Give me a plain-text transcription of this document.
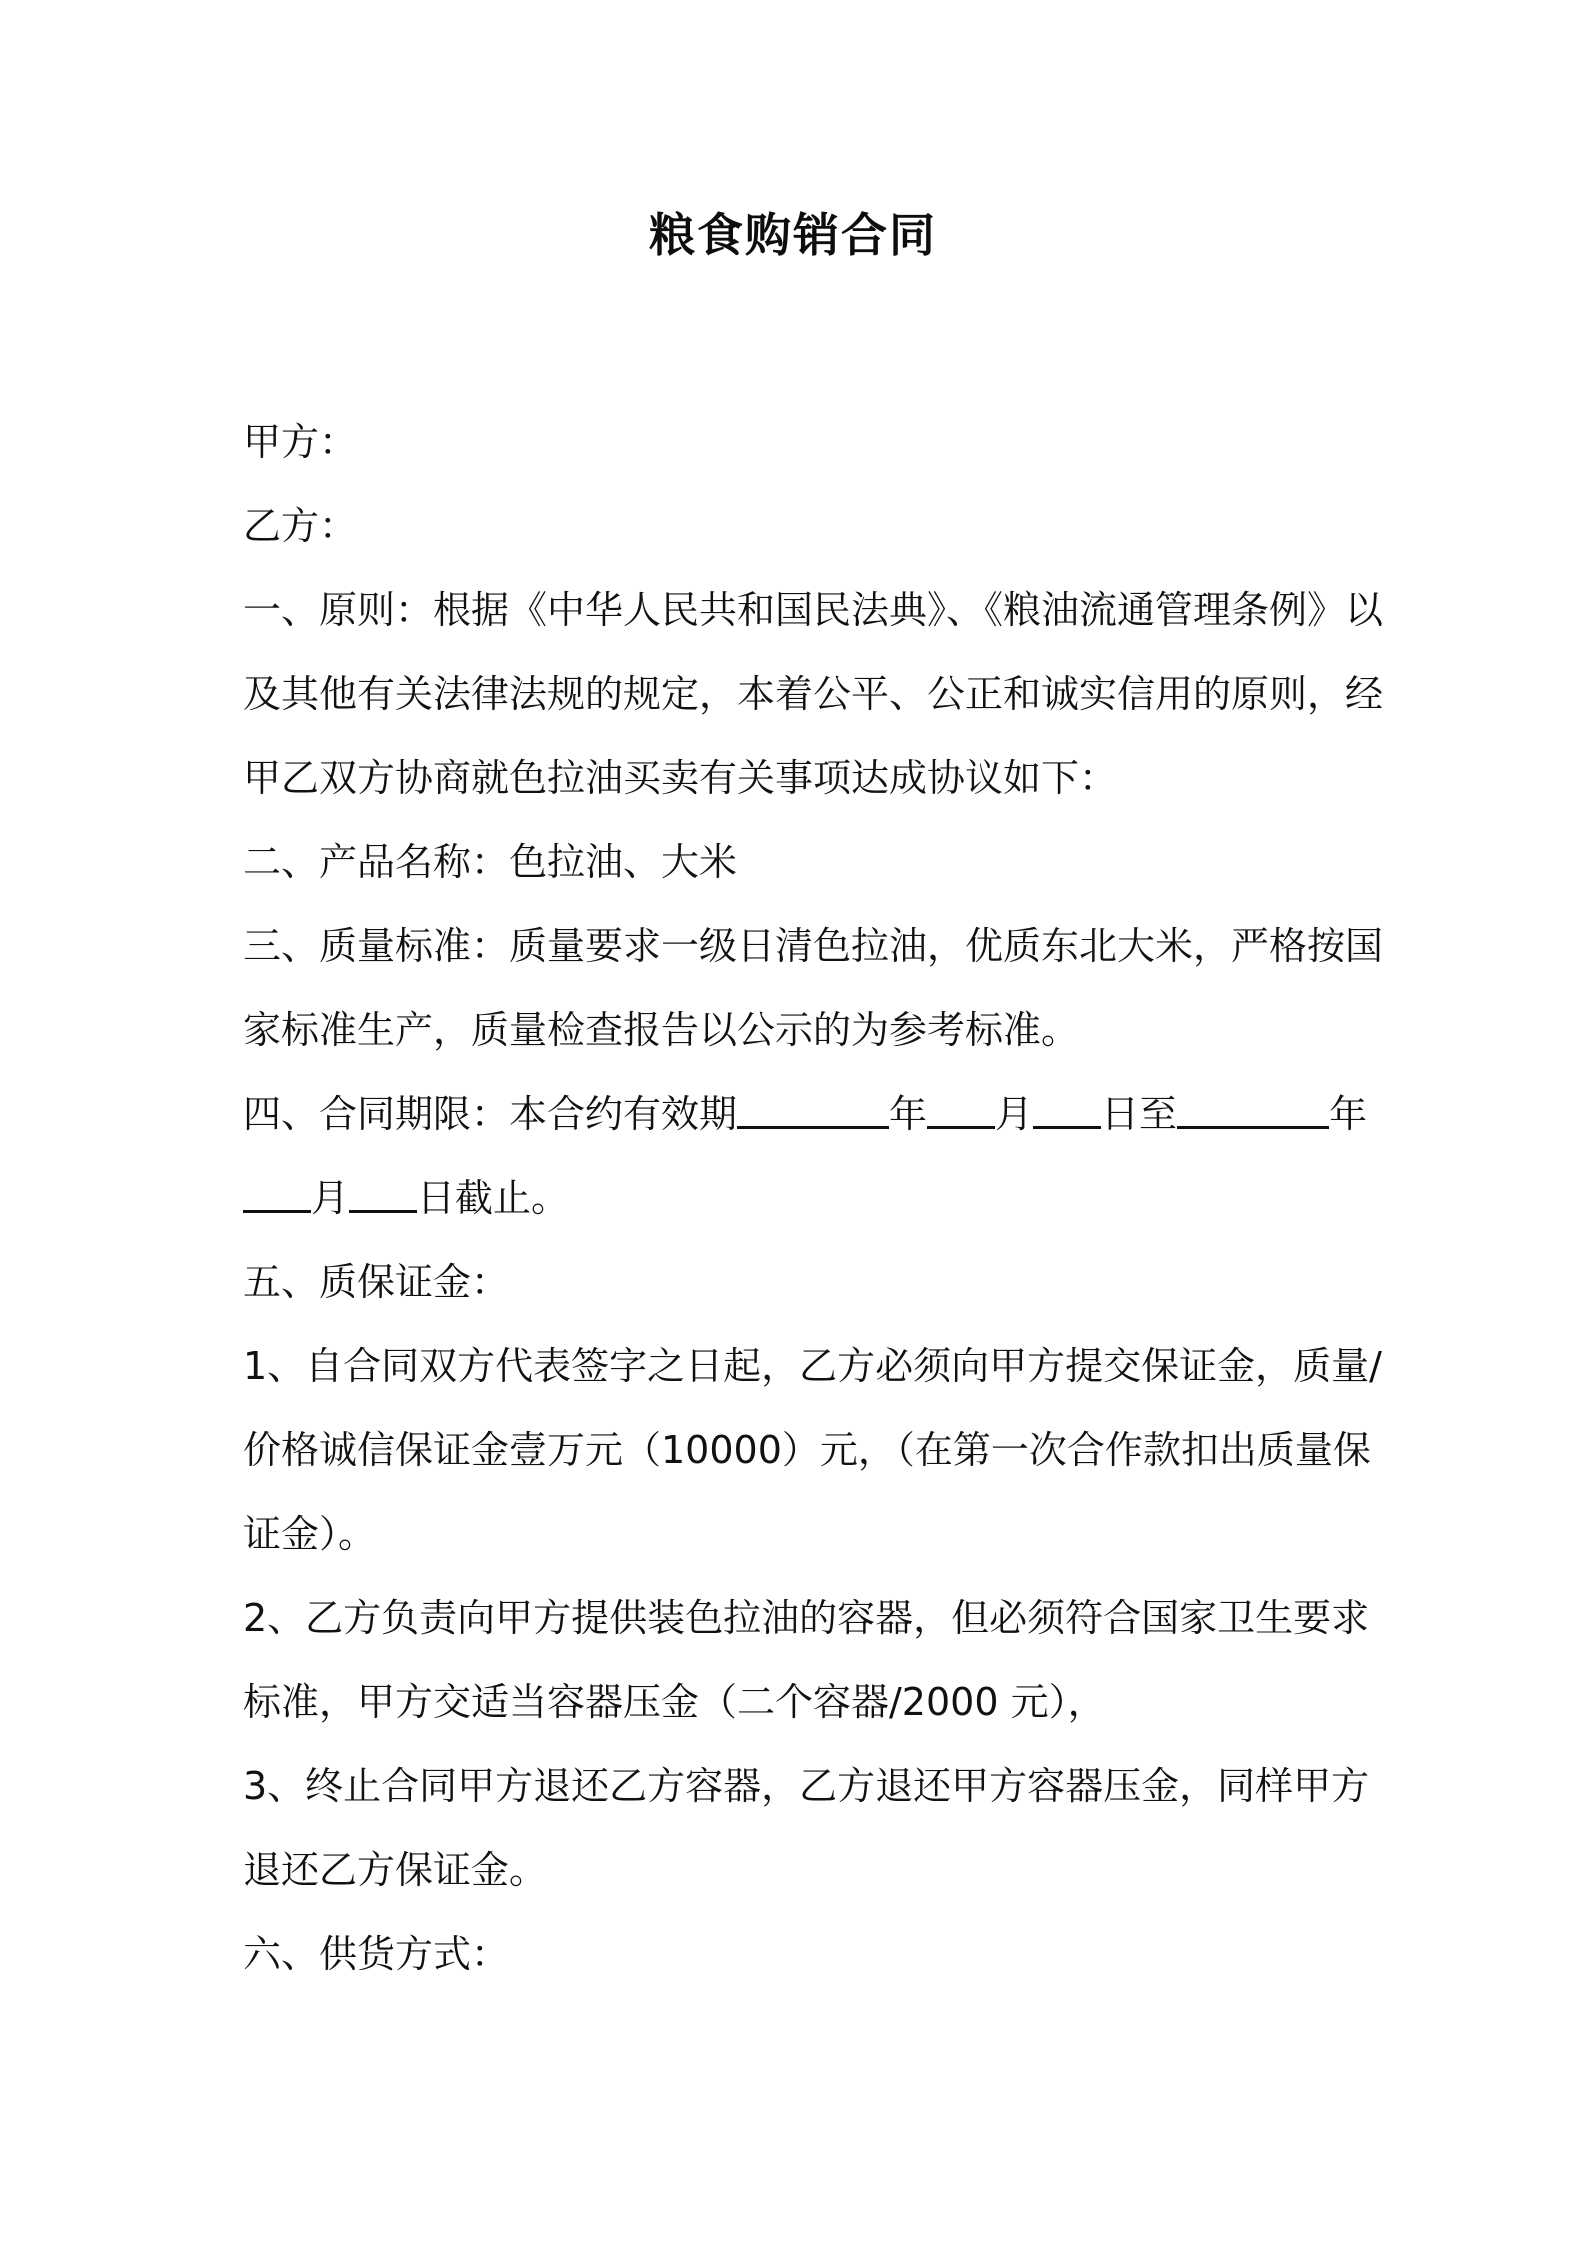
粮食购销合同
甲方：
乙方：
一、原则：根据《中华人民共和国民法典》、《粮油流通管理条例》以
及其他有关法律法规的规定，本着公平、公正和诚实信用的原则，经
甲乙双方协商就色拉油买卖有关事项达成协议如下：
二、产品名称：色拉油、大米
三、质量标准：质量要求一级日清色拉油，优质东北大米，严格按国
家标准生产，质量检查报告以公示的为参考标准。
四、合同期限：本合约有效期	年 月 日至	年
月 日截止。
五、质保证金：
1、自合同双方代表签字之日起，乙方必须向甲方提交保证金，质量/
价格诚信保证金壹万元（10000）元，（在第一次合作款扣出质量保
证金）。
2、乙方负责向甲方提供装色拉油的容器，但必须符合国家卫生要求
标准，甲方交适当容器压金（二个容器/2000 元），
3、终止合同甲方退还乙方容器，乙方退还甲方容器压金，同样甲方
退还乙方保证金。
六、供货方式：
